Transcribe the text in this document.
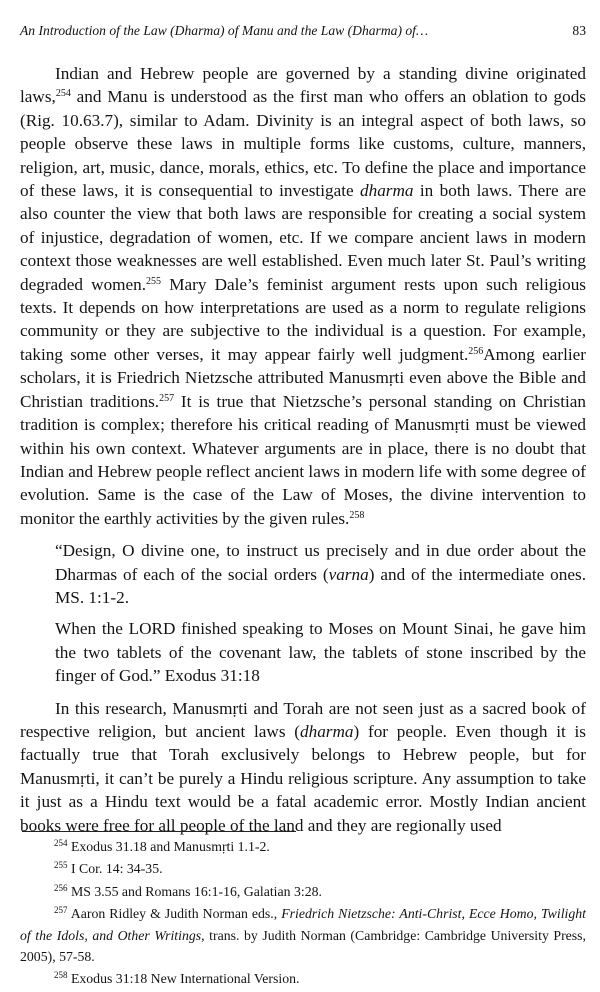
An Introduction of the Law (Dharma) of Manu and the Law (Dharma) of…	83

Indian and Hebrew people are governed by a standing divine originated laws,$^{254}$ and Manu is understood as the first man who offers an oblation to gods (Rig. 10.63.7), similar to Adam. Divinity is an integral aspect of both laws, so people observe these laws in multiple forms like customs, culture, manners, religion, art, music, dance, morals, ethics, etc. To define the place and importance of these laws, it is consequential to investigate dharma in both laws. There are also counter the view that both laws are responsible for creating a social system of injustice, degradation of women, etc. If we compare ancient laws in modern context those weaknesses are well established. Even much later St. Paul’s writing degraded women.$^{255}$ Mary Dale’s feminist argument rests upon such religious texts. It depends on how interpretations are used as a norm to regulate religions community or they are subjective to the individual is a question. For example, taking some other verses, it may appear fairly well judgment.$^{256}$Among earlier scholars, it is Friedrich Nietzsche attributed Manusmṛti even above the Bible and Christian traditions.$^{257}$ It is true that Nietzsche’s personal standing on Christian tradition is complex; therefore his critical reading of Manusmṛti must be viewed within his own context. Whatever arguments are in place, there is no doubt that Indian and Hebrew people reflect ancient laws in modern life with some degree of evolution. Same is the case of the Law of Moses, the divine intervention to monitor the earthly activities by the given rules.$^{258}$

“Design, O divine one, to instruct us precisely and in due order about the Dharmas of each of the social orders (varna) and of the intermediate ones. MS. 1:1-2.

When the LORD finished speaking to Moses on Mount Sinai, he gave him the two tablets of the covenant law, the tablets of stone inscribed by the finger of God.” Exodus 31:18

In this research, Manusmṛti and Torah are not seen just as a sacred book of respective religion, but ancient laws (dharma) for people. Even though it is factually true that Torah exclusively belongs to Hebrew people, but for Manusmṛti, it can’t be purely a Hindu religious scripture. Any assumption to take it just as a Hindu text would be a fatal academic error. Mostly Indian ancient books were free for all people of the land and they are regionally used

$^{254}$ Exodus 31.18 and Manusmṛti 1.1-2.

$^{255}$ I Cor. 14: 34-35.

$^{256}$ MS 3.55 and Romans 16:1-16, Galatian 3:28.

$^{257}$ Aaron Ridley & Judith Norman eds., Friedrich Nietzsche: Anti-Christ, Ecce Homo, Twilight of the Idols, and Other Writings, trans. by Judith Norman (Cambridge: Cambridge University Press, 2005), 57-58.

$^{258}$ Exodus 31:18 New International Version.
